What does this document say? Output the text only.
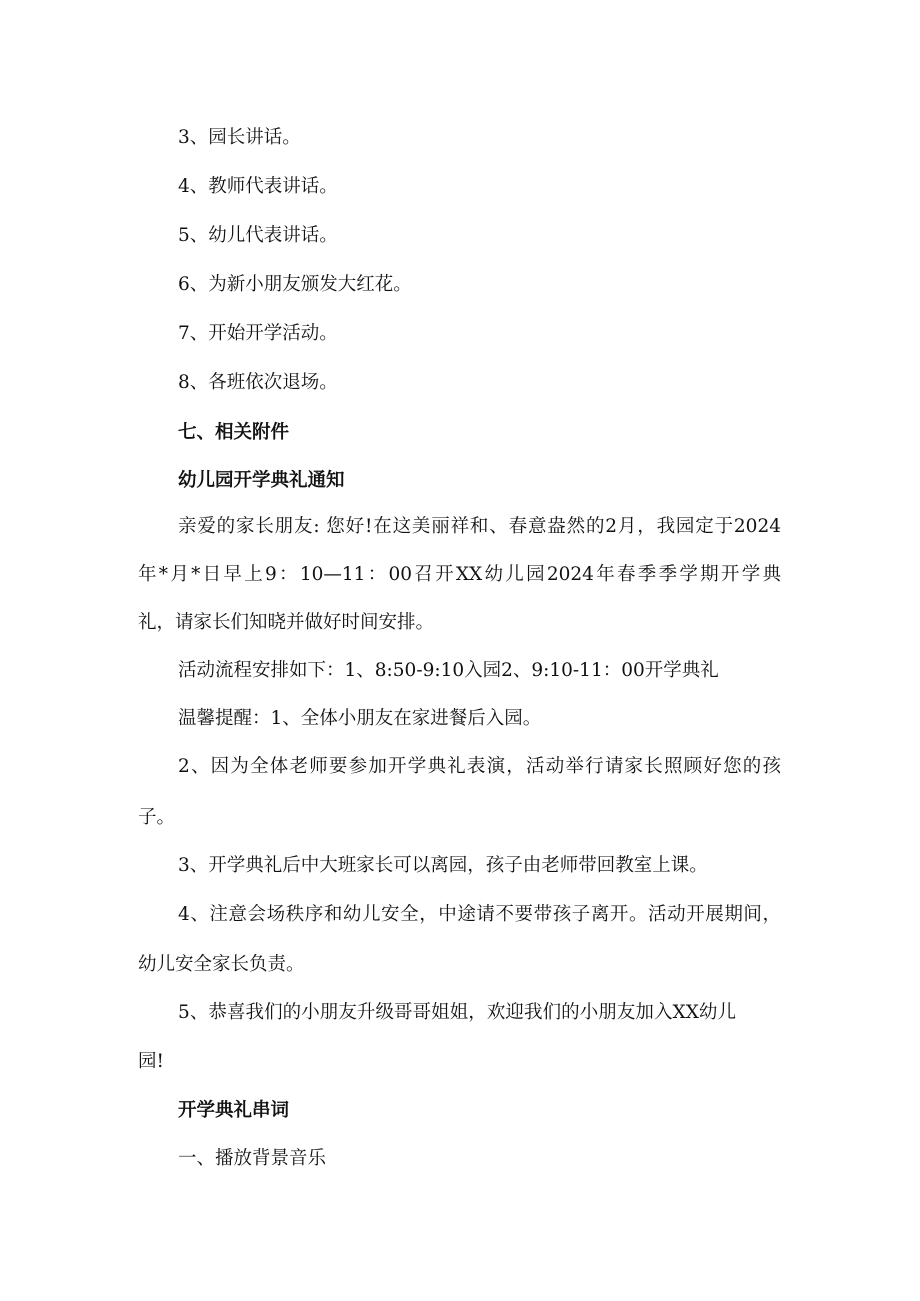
3、园长讲话。
4、教师代表讲话。
5、幼儿代表讲话。
6、为新小朋友颁发大红花。
7、开始开学活动。
8、各班依次退场。
七、相关附件
幼儿园开学典礼通知
亲爱的家长朋友: 您好!在这美丽祥和、春意盎然的2月，我园定于2024
年*月*日早上9：10—11：00召开XX幼儿园2024年春季季学期开学典
礼，请家长们知晓并做好时间安排。
活动流程安排如下：1、8:50-9:10入园2、9:10-11：00开学典礼
温馨提醒：1、全体小朋友在家进餐后入园。
2、因为全体老师要参加开学典礼表演，活动举行请家长照顾好您的孩
子。
3、开学典礼后中大班家长可以离园，孩子由老师带回教室上课。
4、注意会场秩序和幼儿安全，中途请不要带孩子离开。活动开展期间，
幼儿安全家长负责。
5、恭喜我们的小朋友升级哥哥姐姐，欢迎我们的小朋友加入XX幼儿
园!
开学典礼串词
一、播放背景音乐
